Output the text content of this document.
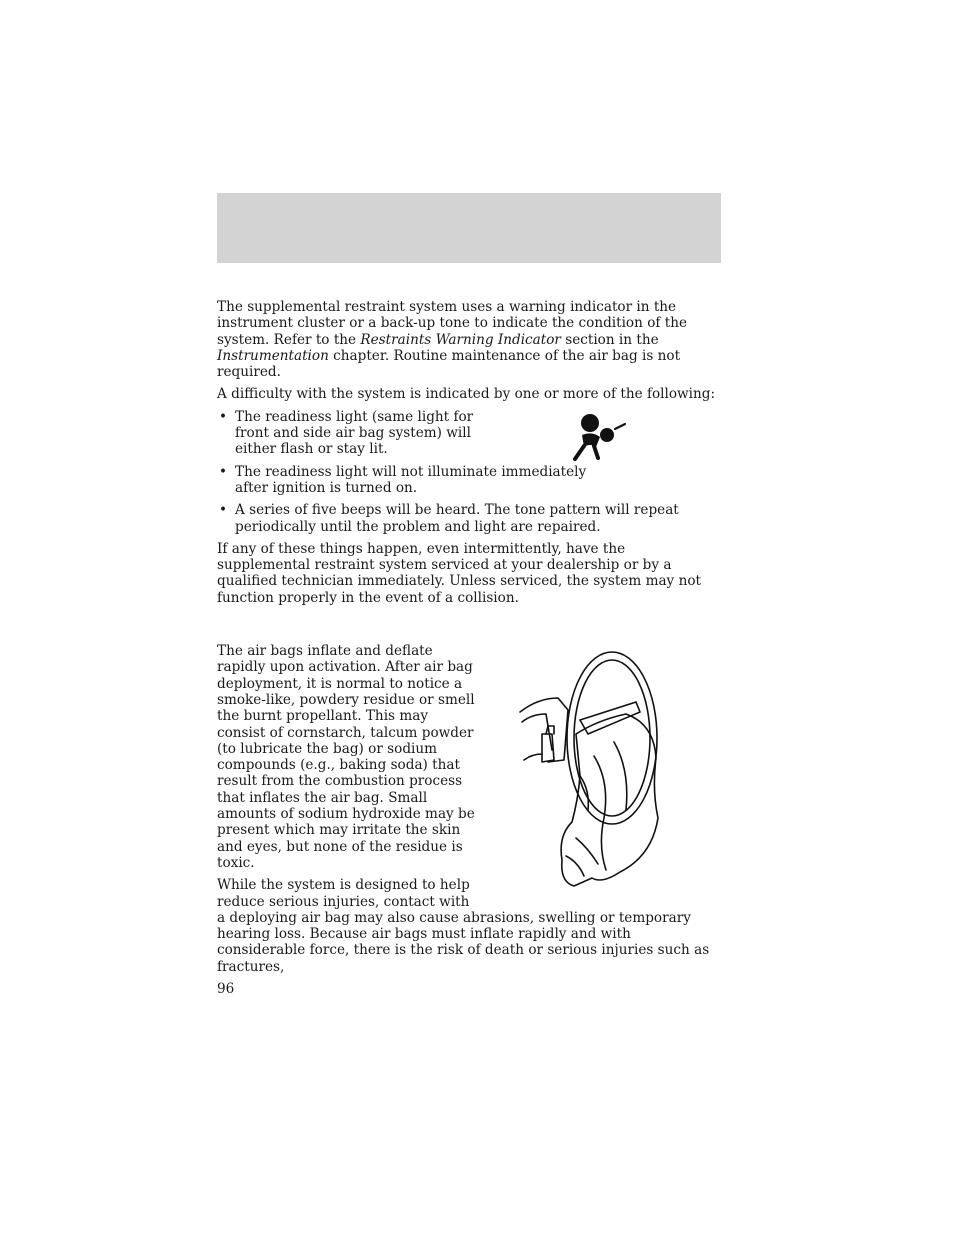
The supplemental restraint system uses a warning indicator in the instrument cluster or a back-up tone to indicate the condition of the system. Refer to the Restraints Warning Indicator section in the Instrumentation chapter. Routine maintenance of the air bag is not required.

A difficulty with the system is indicated by one or more of the following:

• The readiness light (same light for front and side air bag system) will either flash or stay lit.
• The readiness light will not illuminate immediately after ignition is turned on.
• A series of five beeps will be heard. The tone pattern will repeat periodically until the problem and light are repaired.

If any of these things happen, even intermittently, have the supplemental restraint system serviced at your dealership or by a qualified technician immediately. Unless serviced, the system may not function properly in the event of a collision.

The air bags inflate and deflate rapidly upon activation. After air bag deployment, it is normal to notice a smoke-like, powdery residue or smell the burnt propellant. This may consist of cornstarch, talcum powder (to lubricate the bag) or sodium compounds (e.g., baking soda) that result from the combustion process that inflates the air bag. Small amounts of sodium hydroxide may be present which may irritate the skin and eyes, but none of the residue is toxic.

While the system is designed to help reduce serious injuries, contact with
a deploying air bag may also cause abrasions, swelling or temporary hearing loss. Because air bags must inflate rapidly and with considerable force, there is the risk of death or serious injuries such as fractures,

96
